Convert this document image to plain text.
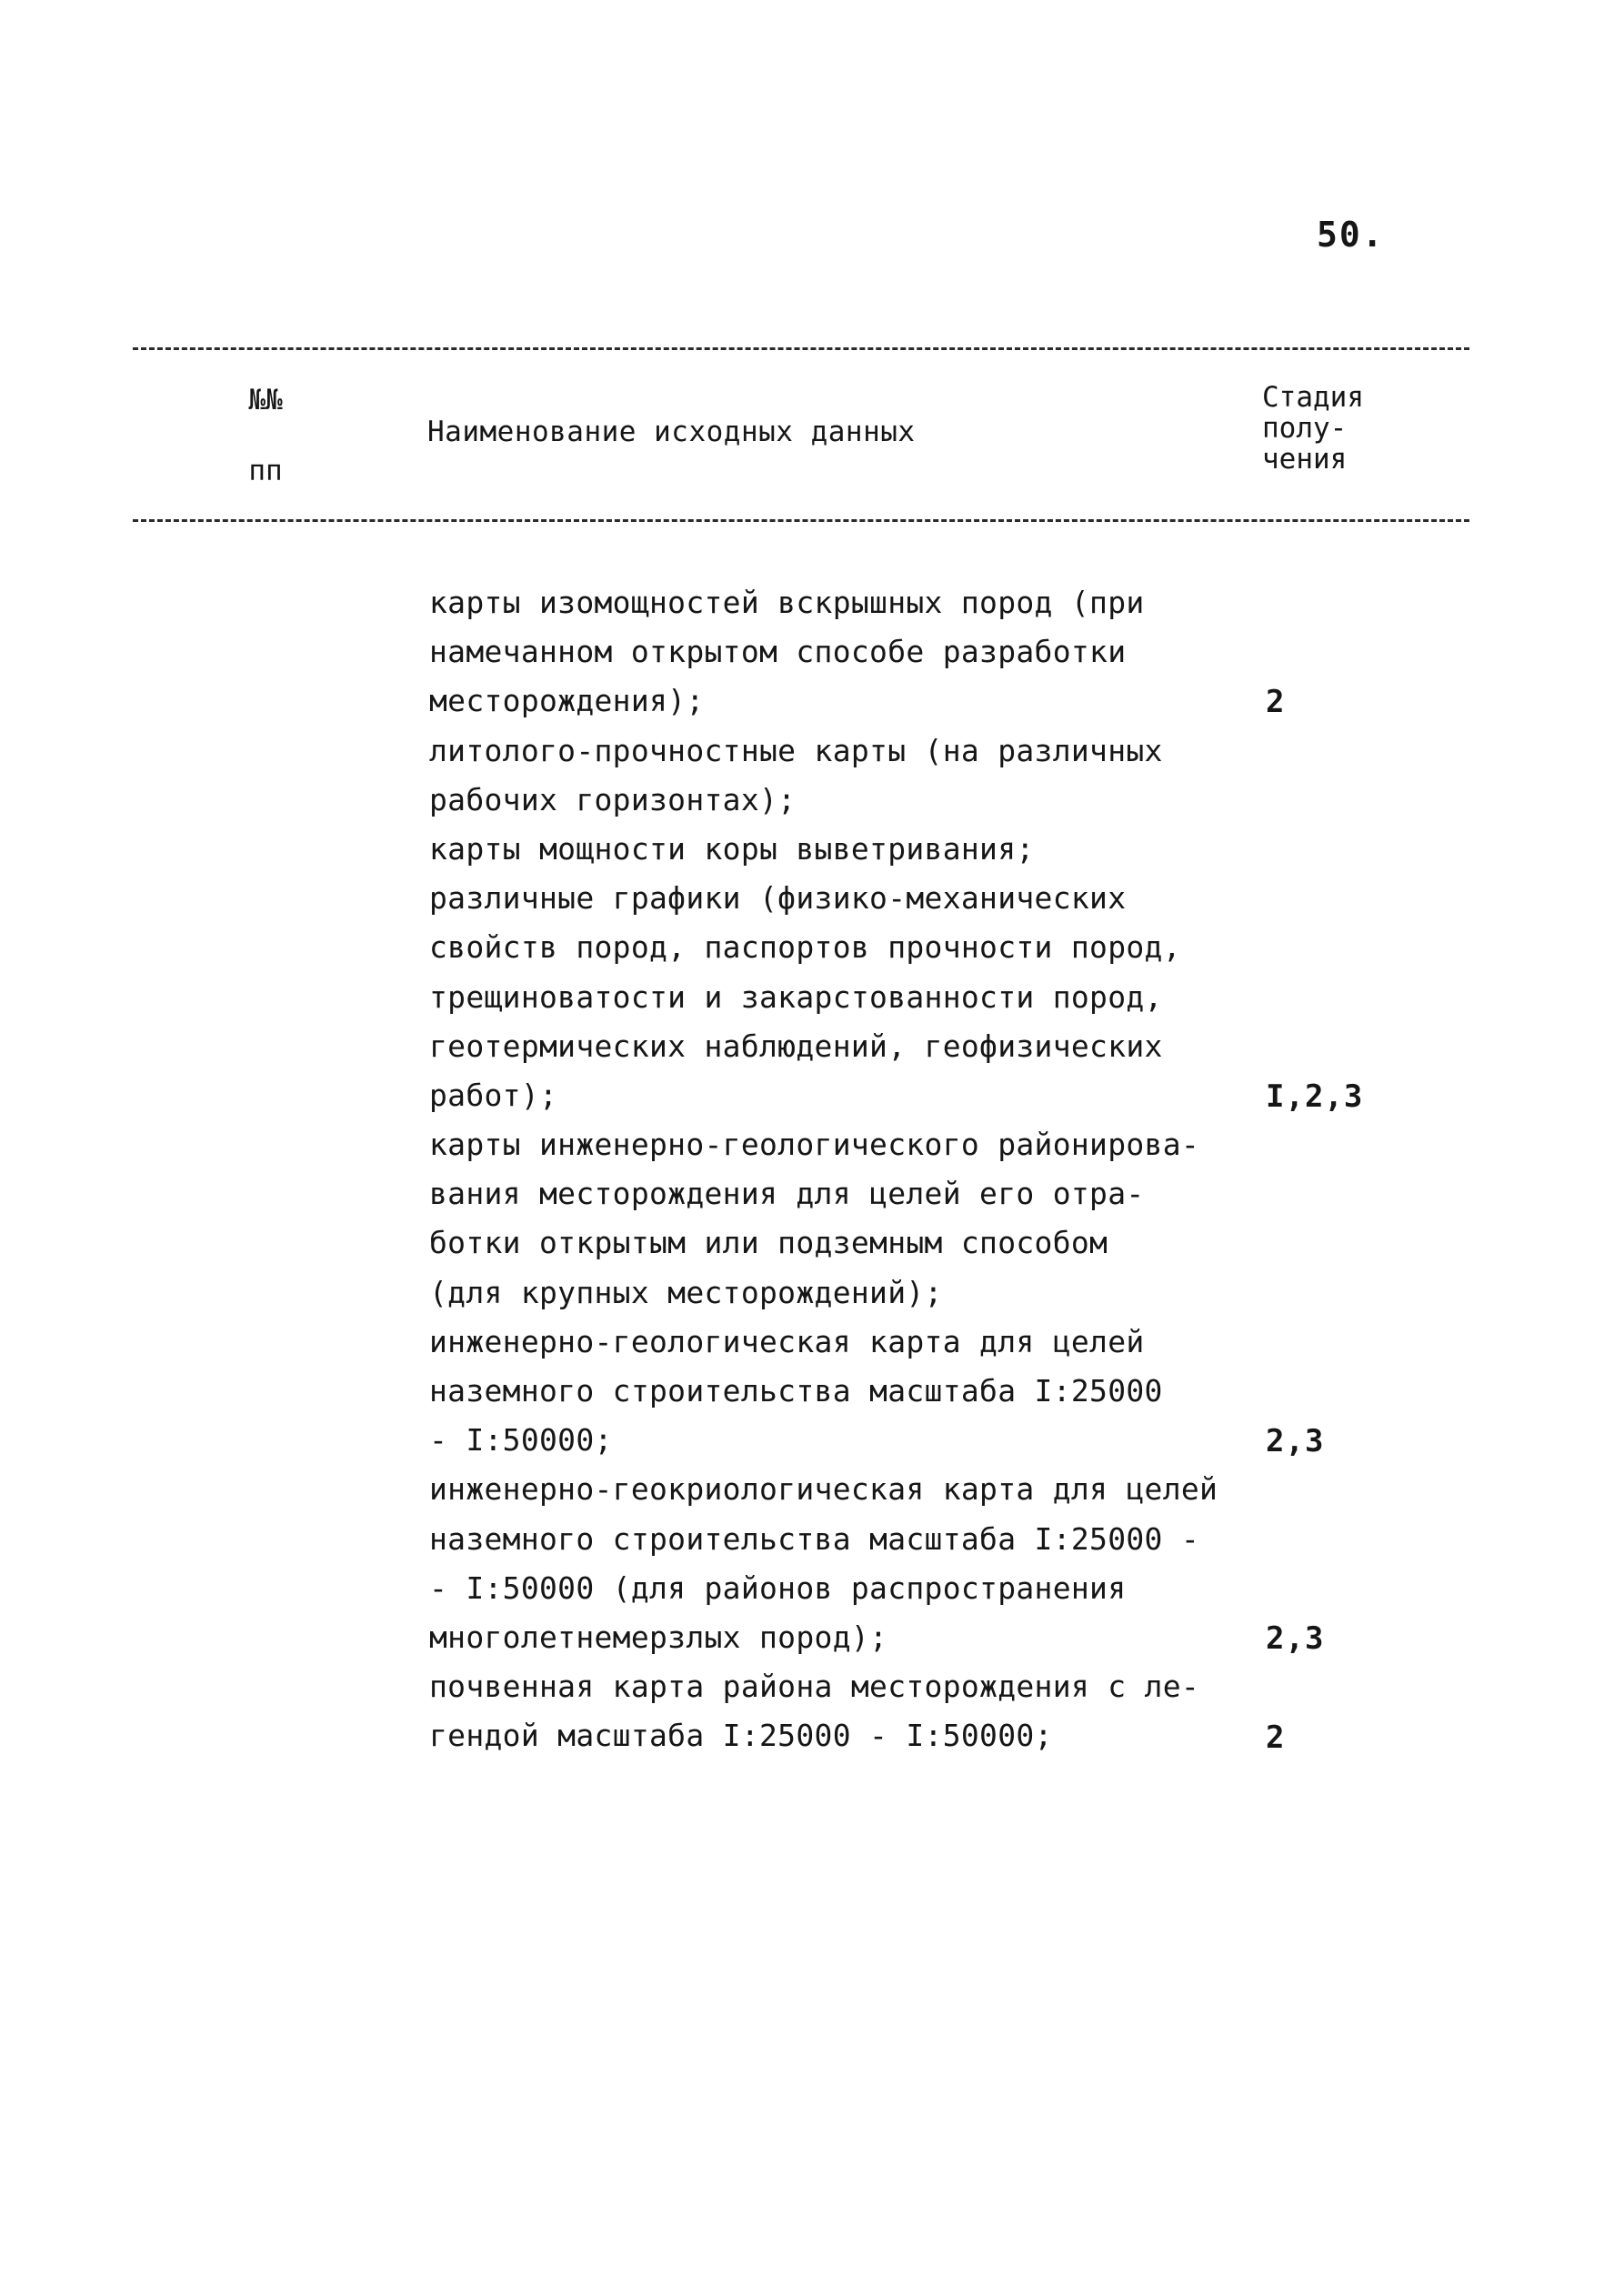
50.
№№
пп
Наименование исходных данных
Стадия
полу-
чения
карты изомощностей вскрышных пород (при
намечанном открытом способе разработки
месторождения);
литолого-прочностные карты (на различных
рабочих горизонтах);
карты мощности коры выветривания;
различные графики (физико-механических
свойств пород, паспортов прочности пород,
трещиноватости и закарстованности пород,
геотермических наблюдений, геофизических
работ);
карты инженерно-геологического районирова-
вания месторождения для целей его отра-
ботки открытым или подземным способом
(для крупных месторождений);
инженерно-геологическая карта для целей
наземного строительства масштаба I:25000
- I:50000;
инженерно-геокриологическая карта для целей
наземного строительства масштаба I:25000 -
- I:50000 (для районов распространения
многолетнемерзлых пород);
почвенная карта района месторождения с ле-
гендой масштаба I:25000 - I:50000;
2
I,2,3
2,3
2,3
2
